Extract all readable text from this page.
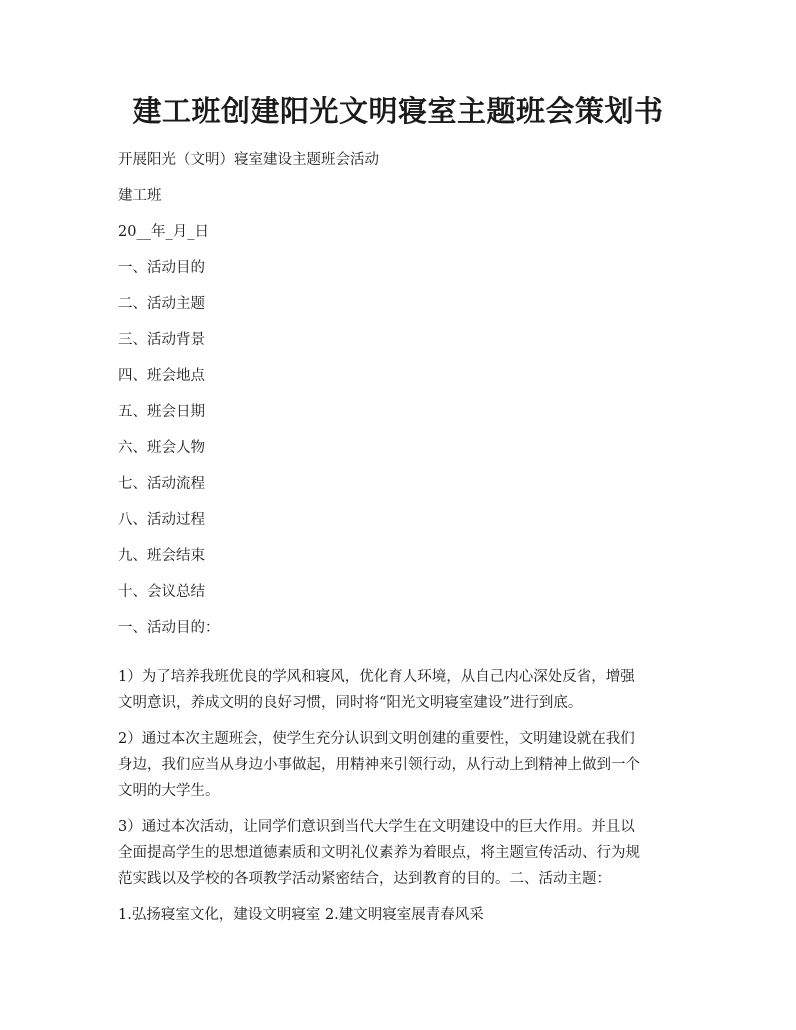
建工班创建阳光文明寝室主题班会策划书

开展阳光（文明）寝室建设主题班会活动

建工班

20__年_月_日

一、活动目的

二、活动主题

三、活动背景

四、班会地点

五、班会日期

六、班会人物

七、活动流程

八、活动过程

九、班会结束

十、会议总结

一、活动目的：

1）为了培养我班优良的学风和寝风，优化育人环境，从自己内心深处反省，增强

文明意识，养成文明的良好习惯，同时将“阳光文明寝室建设”进行到底。

2）通过本次主题班会，使学生充分认识到文明创建的重要性，文明建设就在我们

身边，我们应当从身边小事做起，用精神来引领行动，从行动上到精神上做到一个

文明的大学生。

3）通过本次活动，让同学们意识到当代大学生在文明建设中的巨大作用。并且以

全面提高学生的思想道德素质和文明礼仪素养为着眼点，将主题宣传活动、行为规

范实践以及学校的各项教学活动紧密结合，达到教育的目的。二、活动主题：

1.弘扬寝室文化，建设文明寝室 2.建文明寝室展青春风采
